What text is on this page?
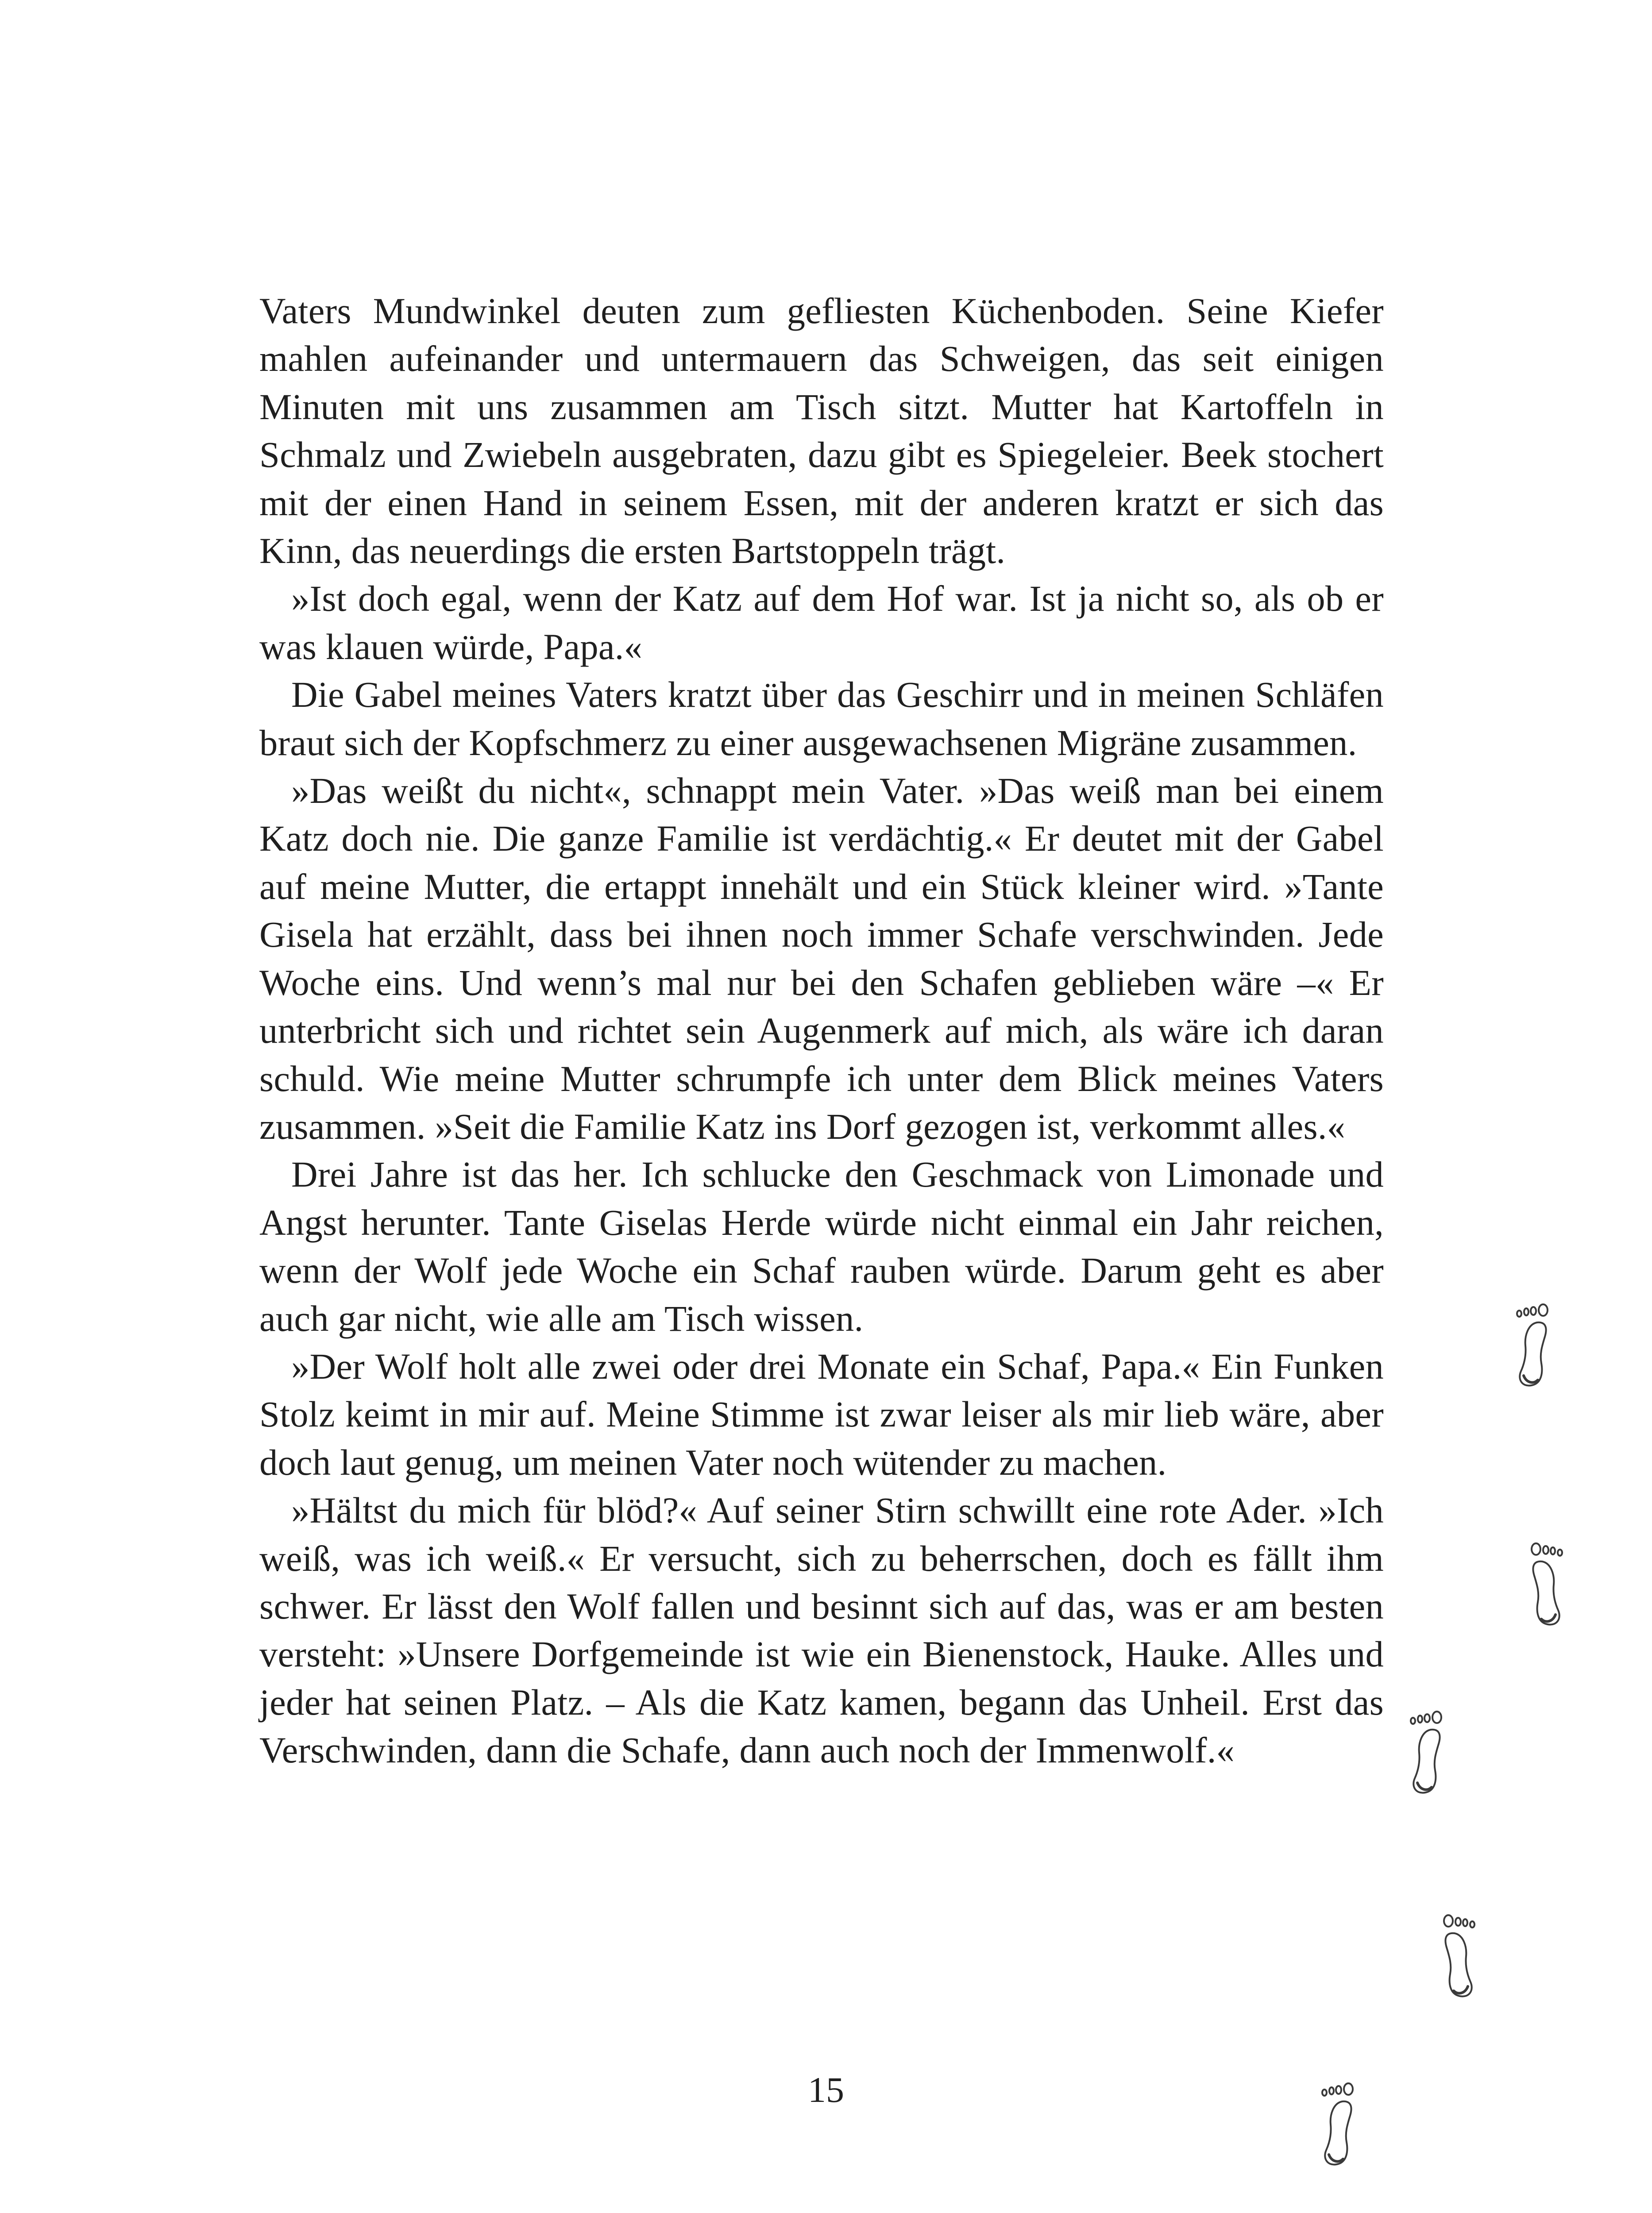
Vaters Mundwinkel deuten zum gefliesten Küchenboden. Seine Kiefer mahlen aufeinander und untermauern das Schweigen, das seit einigen Minuten mit uns zusammen am Tisch sitzt. Mutter hat Kartoffeln in Schmalz und Zwiebeln ausgebraten, dazu gibt es Spiegeleier. Beek stochert mit der einen Hand in seinem Essen, mit der anderen kratzt er sich das Kinn, das neuerdings die ersten Bartstoppeln trägt.

»Ist doch egal, wenn der Katz auf dem Hof war. Ist ja nicht so, als ob er was klauen würde, Papa.«

Die Gabel meines Vaters kratzt über das Geschirr und in meinen Schläfen braut sich der Kopfschmerz zu einer ausgewachsenen Migräne zusammen.

»Das weißt du nicht«, schnappt mein Vater. »Das weiß man bei einem Katz doch nie. Die ganze Familie ist verdächtig.« Er deutet mit der Gabel auf meine Mutter, die ertappt innehält und ein Stück kleiner wird. »Tante Gisela hat erzählt, dass bei ihnen noch immer Schafe verschwinden. Jede Woche eins. Und wenn’s mal nur bei den Schafen geblieben wäre –« Er unterbricht sich und richtet sein Augenmerk auf mich, als wäre ich daran schuld. Wie meine Mutter schrumpfe ich unter dem Blick meines Vaters zusammen. »Seit die Familie Katz ins Dorf gezogen ist, verkommt alles.«

Drei Jahre ist das her. Ich schlucke den Geschmack von Limonade und Angst herunter. Tante Giselas Herde würde nicht einmal ein Jahr reichen, wenn der Wolf jede Woche ein Schaf rauben würde. Darum geht es aber auch gar nicht, wie alle am Tisch wissen.

»Der Wolf holt alle zwei oder drei Monate ein Schaf, Papa.« Ein Funken Stolz keimt in mir auf. Meine Stimme ist zwar leiser als mir lieb wäre, aber doch laut genug, um meinen Vater noch wütender zu machen.

»Hältst du mich für blöd?« Auf seiner Stirn schwillt eine rote Ader. »Ich weiß, was ich weiß.« Er versucht, sich zu beherrschen, doch es fällt ihm schwer. Er lässt den Wolf fallen und besinnt sich auf das, was er am besten versteht: »Unsere Dorfgemeinde ist wie ein Bienenstock, Hauke. Alles und jeder hat seinen Platz. – Als die Katz kamen, begann das Unheil. Erst das Verschwinden, dann die Schafe, dann auch noch der Immenwolf.«

15
